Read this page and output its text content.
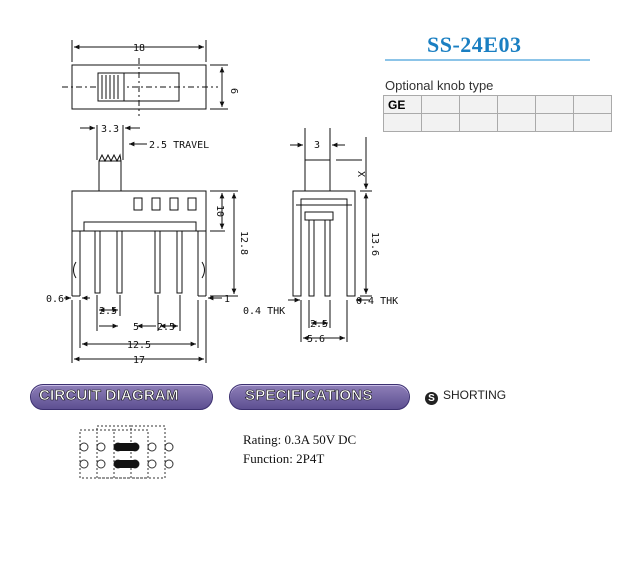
SS-24E03
Optional knob type
GE					

18
6
3.3
2.5 TRAVEL
10
12.8
0.6	1
2.5
5 2.5
12.5
17
3
X
13.6
0.4 THK
0.4 THK
2.5
5.6
CIRCUIT DIAGRAM	SPECIFICATIONS	S SHORTING
Rating: 0.3A 50V DC
Function: 2P4T
